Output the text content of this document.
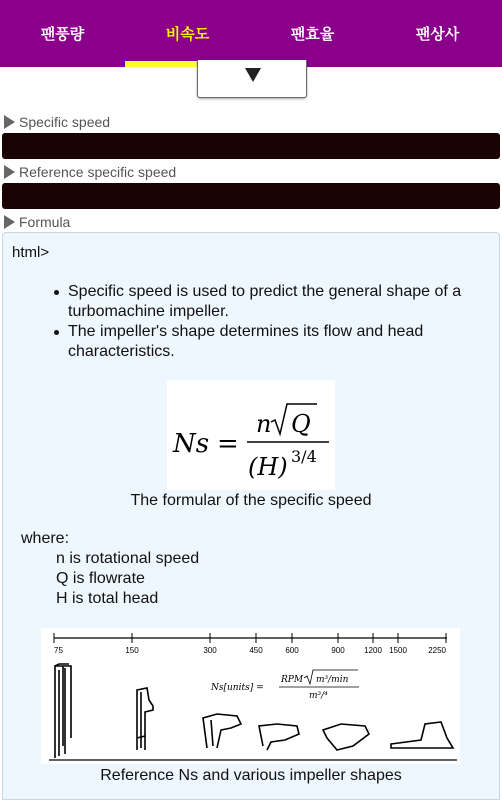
팬풍량	비속도	팬효율	팬상사
Specific speed
Reference specific speed
Formula
html>
Specific speed is used to predict the general shape of a turbomachine impeller.
The impeller's shape determines its flow and head characteristics.
Ns =
n Q
(H) 3/4
The formular of the specific speed
where:
n is rotational speed
Q is flowrate
H is total head
75	150	300	450	600	900 1200 1500	2250
Ns[units] =
RPM m³/min
m³/⁴
Reference Ns and various impeller shapes
